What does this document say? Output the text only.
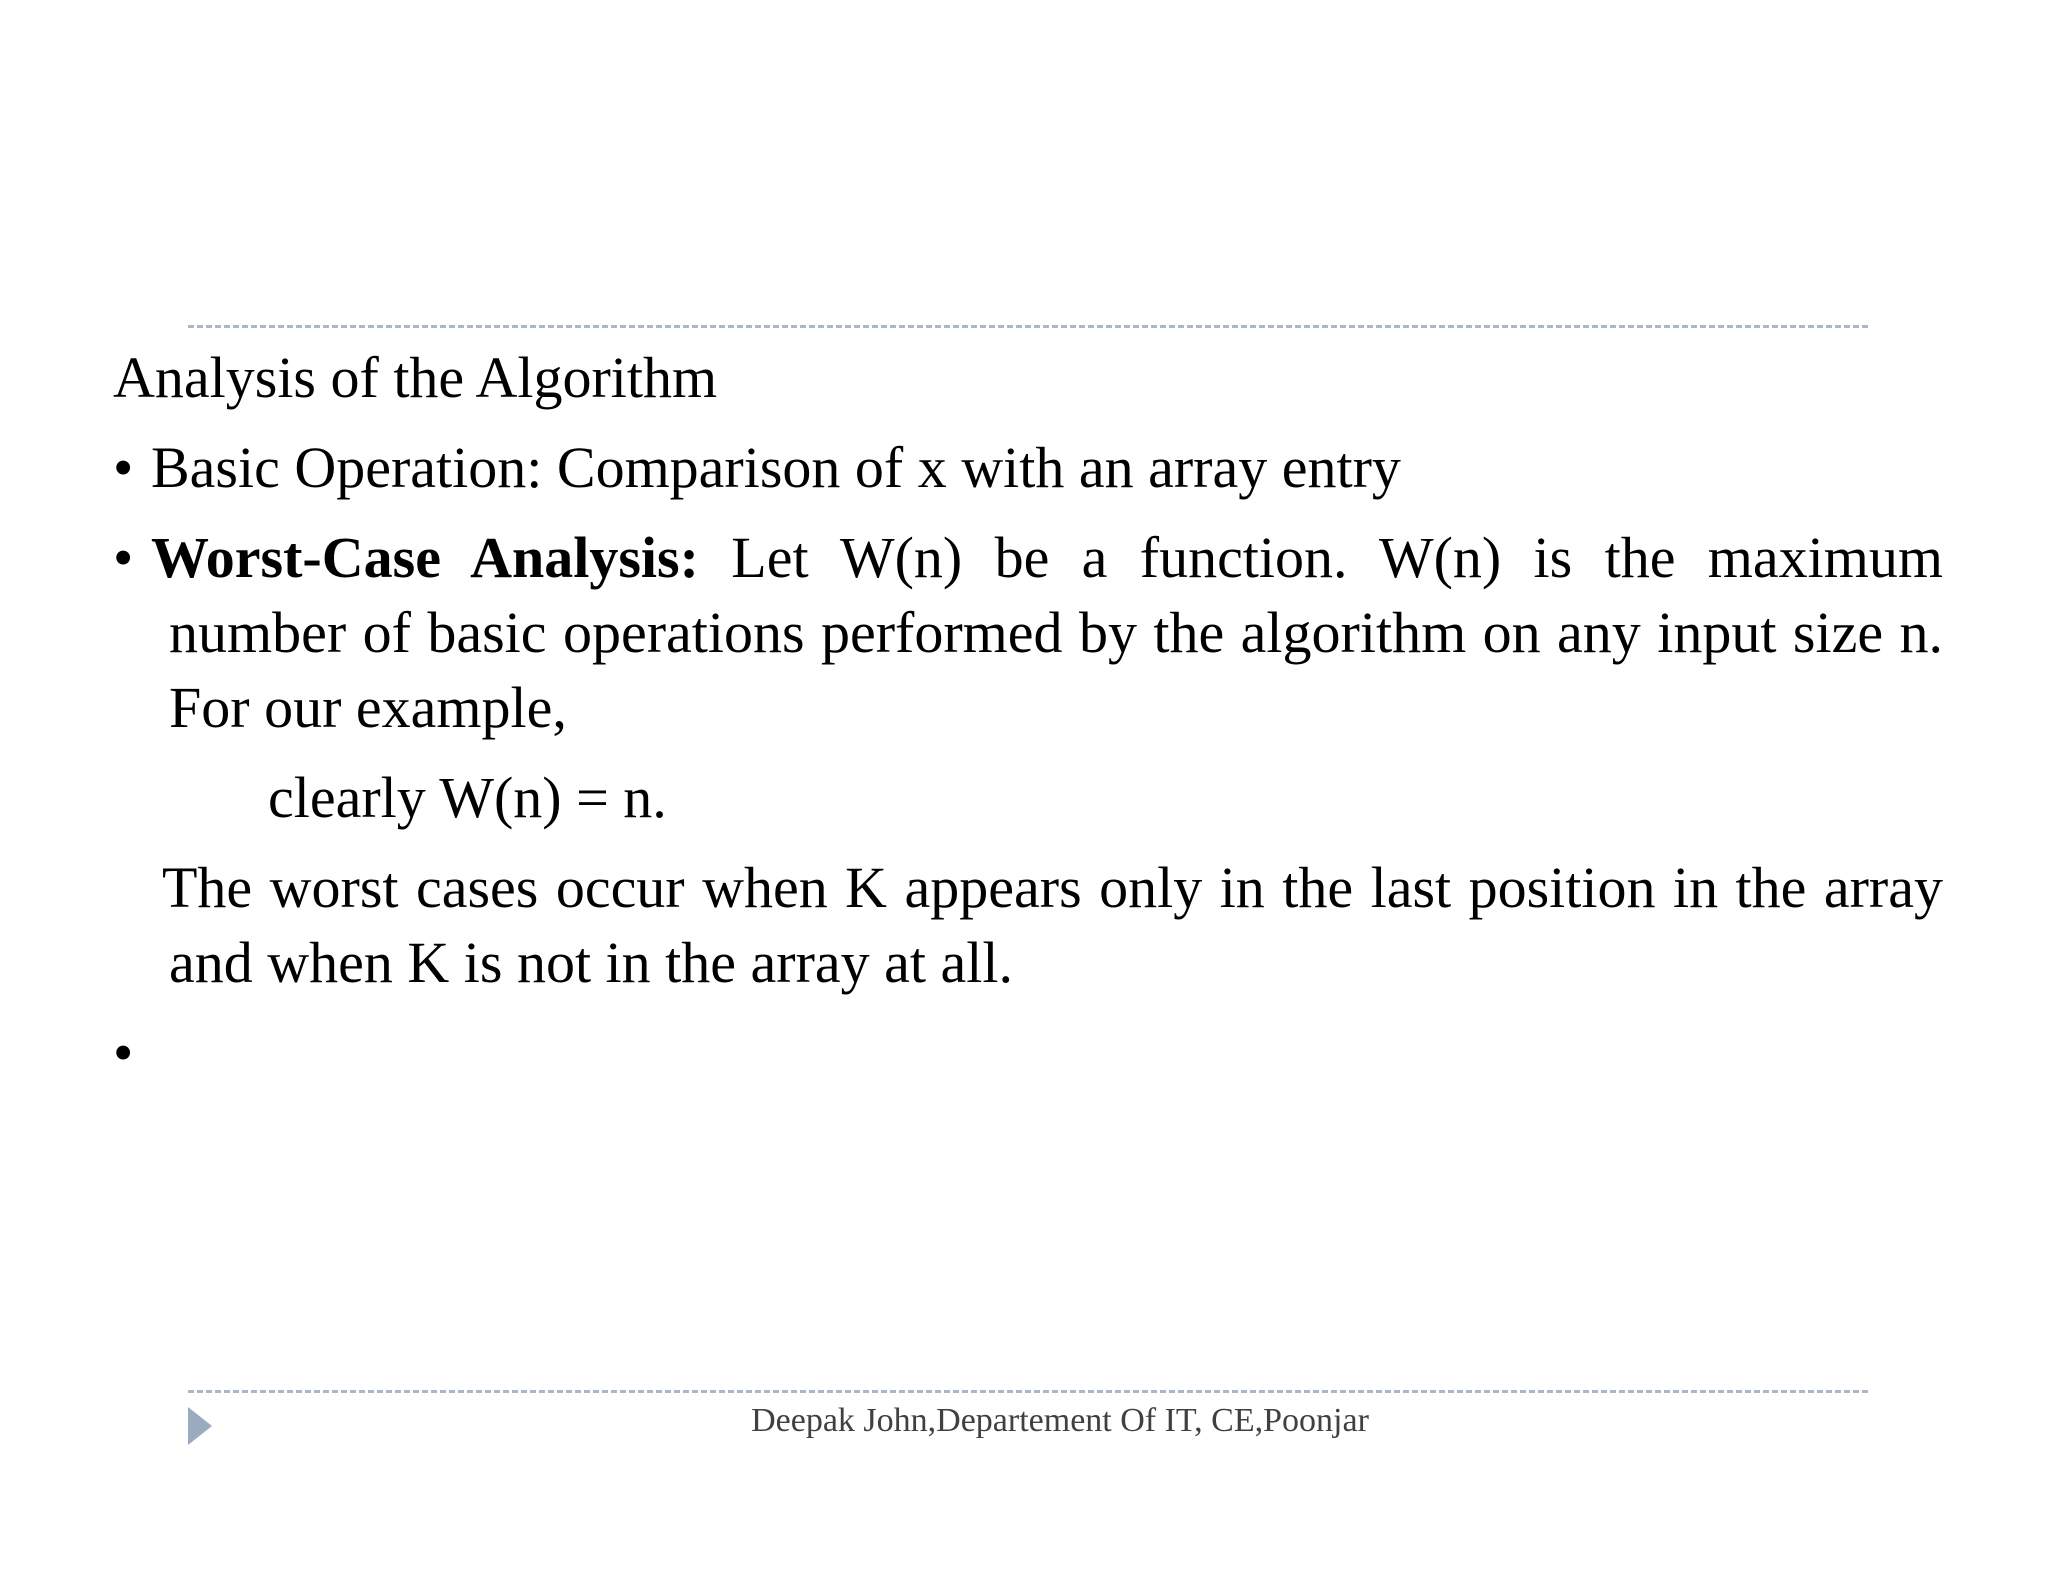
Analysis of the Algorithm
• Basic Operation: Comparison of x with an array entry
• Worst-Case Analysis: Let W(n) be a function. W(n) is the maximum number of basic operations performed by the algorithm on any input size n. For our example,
clearly W(n) = n.
The worst cases occur when K appears only in the last position in the array and when K is not in the array at all.
•
Deepak John,Departement Of IT, CE,Poonjar
